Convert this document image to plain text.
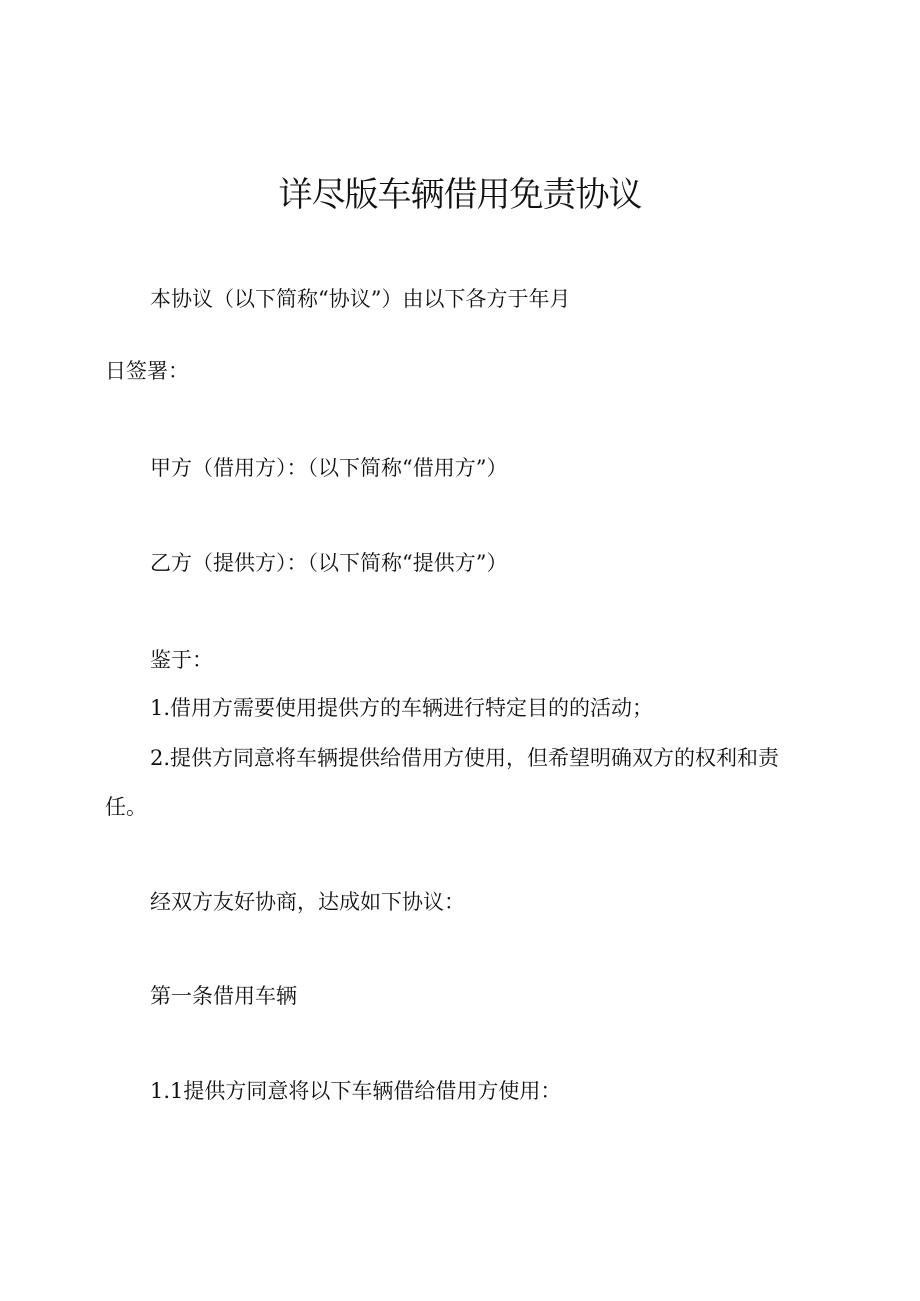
详尽版车辆借用免责协议

本协议（以下简称“协议”）由以下各方于年月

日签署：

甲方（借用方）：（以下简称“借用方”）

乙方（提供方）：（以下简称“提供方”）

鉴于：

1.借用方需要使用提供方的车辆进行特定目的的活动；

2.提供方同意将车辆提供给借用方使用，但希望明确双方的权利和责

任。

经双方友好协商，达成如下协议：

第一条借用车辆

1.1提供方同意将以下车辆借给借用方使用：
